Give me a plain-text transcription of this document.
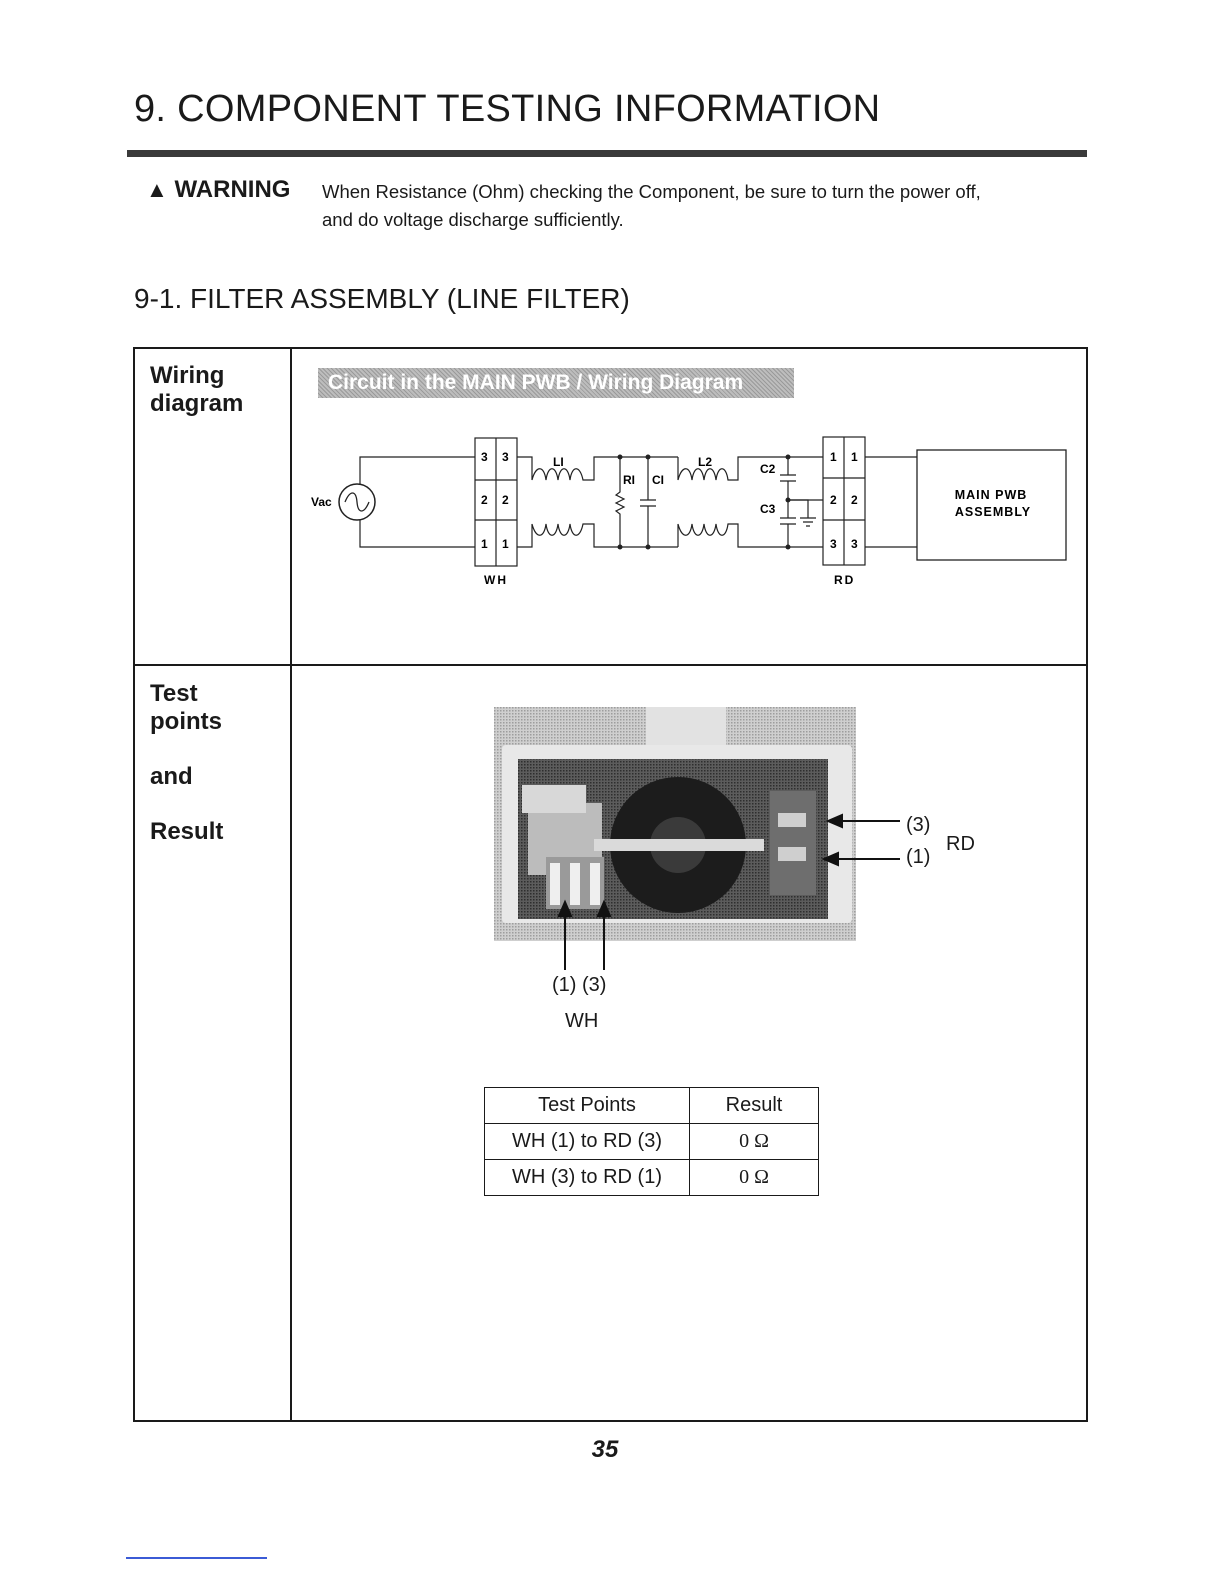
9. COMPONENT TESTING INFORMATION
▲ WARNING When Resistance (Ohm) checking the Component, be sure to turn the power off,
and do voltage discharge sufficiently.
9-1. FILTER ASSEMBLY (LINE FILTER)
Wiring
diagram
Test
points
and
Result
Circuit in the MAIN PWB / Wiring Diagram
Vac
3 3
2 2
1 1
WH
LI
RI CI
L2	C2
C3
1 1
2 2
3 3
RD
MAIN PWB
ASSEMBLY
(3)
(1)
RD
(1) (3)
WH
Test Points	Result
WH (1) to RD (3)	0 Ω
WH (3) to RD (1)	0 Ω
35
